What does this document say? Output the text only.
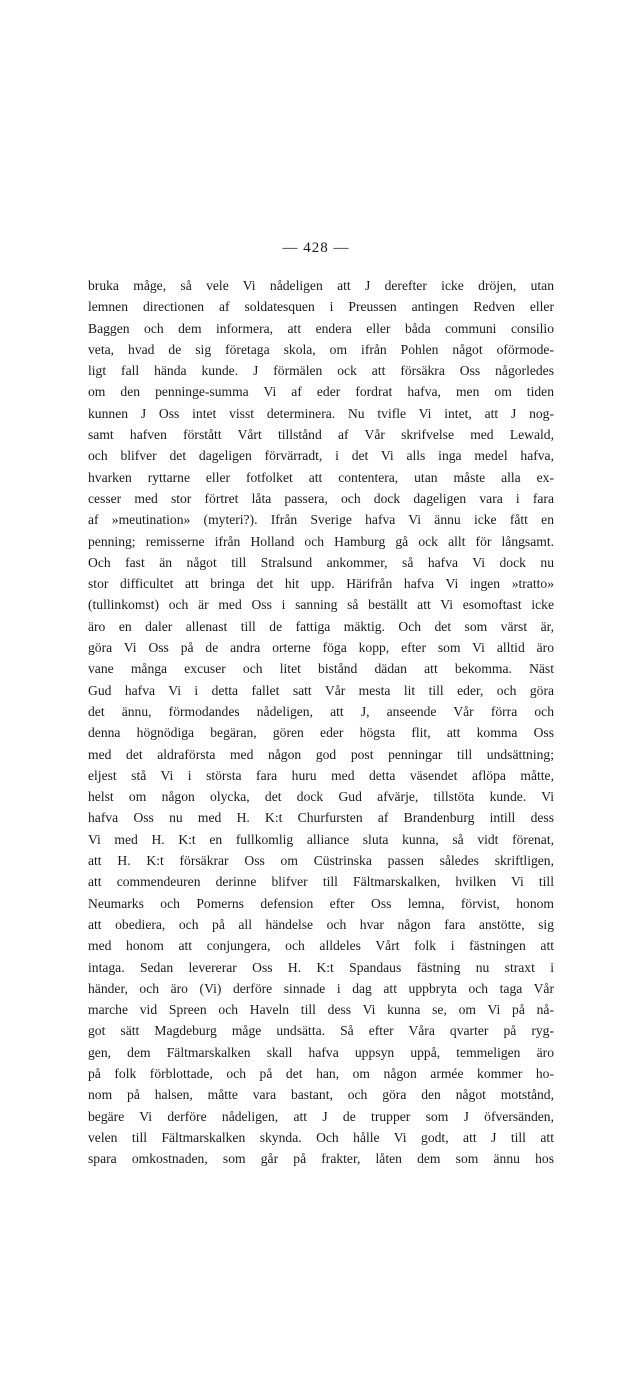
— 428 —
bruka måge, så vele Vi nådeligen att J derefter icke dröjen, utan
lemnen directionen af soldatesquen i Preussen antingen Redven eller
Baggen och dem informera, att endera eller båda communi consilio
veta, hvad de sig företaga skola, om ifrån Pohlen något oförmode-
ligt fall hända kunde. J förmälen ock att försäkra Oss någorledes
om den penninge-summa Vi af eder fordrat hafva, men om tiden
kunnen J Oss intet visst determinera. Nu tvifle Vi intet, att J nog-
samt hafven förstått Vårt tillstånd af Vår skrifvelse med Lewald,
och blifver det dageligen förvärradt, i det Vi alls inga medel hafva,
hvarken ryttarne eller fotfolket att contentera, utan måste alla ex-
cesser med stor förtret låta passera, och dock dageligen vara i fara
af »meutination» (myteri?). Ifrån Sverige hafva Vi ännu icke fått en
penning; remisserne ifrån Holland och Hamburg gå ock allt för långsamt.
Och fast än något till Stralsund ankommer, så hafva Vi dock nu
stor difficultet att bringa det hit upp. Härifrån hafva Vi ingen »tratto»
(tullinkomst) och är med Oss i sanning så beställt att Vi esomoftast icke
äro en daler allenast till de fattiga mäktig. Och det som värst är,
göra Vi Oss på de andra orterne föga kopp, efter som Vi alltid äro
vane många excuser och litet bistånd dädan att bekomma. Näst
Gud hafva Vi i detta fallet satt Vår mesta lit till eder, och göra
det ännu, förmodandes nådeligen, att J, anseende Vår förra och
denna högnödiga begäran, gören eder högsta flit, att komma Oss
med det aldraförsta med någon god post penningar till undsättning;
eljest stå Vi i största fara huru med detta väsendet aflöpa måtte,
helst om någon olycka, det dock Gud afvärje, tillstöta kunde. Vi
hafva Oss nu med H. K:t Churfursten af Brandenburg intill dess
Vi med H. K:t en fullkomlig alliance sluta kunna, så vidt förenat,
att H. K:t försäkrar Oss om Cüstrinska passen således skriftligen,
att commendeuren derinne blifver till Fältmarskalken, hvilken Vi till
Neumarks och Pomerns defension efter Oss lemna, förvist, honom
att obediera, och på all händelse och hvar någon fara anstötte, sig
med honom att conjungera, och alldeles Vårt folk i fästningen att
intaga. Sedan levererar Oss H. K:t Spandaus fästning nu straxt i
händer, och äro (Vi) derföre sinnade i dag att uppbryta och taga Vår
marche vid Spreen och Haveln till dess Vi kunna se, om Vi på nå-
got sätt Magdeburg måge undsätta. Så efter Våra qvarter på ryg-
gen, dem Fältmarskalken skall hafva uppsyn uppå, temmeligen äro
på folk förblottade, och på det han, om någon armée kommer ho-
nom på halsen, måtte vara bastant, och göra den något motstånd,
begäre Vi derföre nådeligen, att J de trupper som J öfversänden,
velen till Fältmarskalken skynda. Och hålle Vi godt, att J till att
spara omkostnaden, som går på frakter, låten dem som ännu hos
